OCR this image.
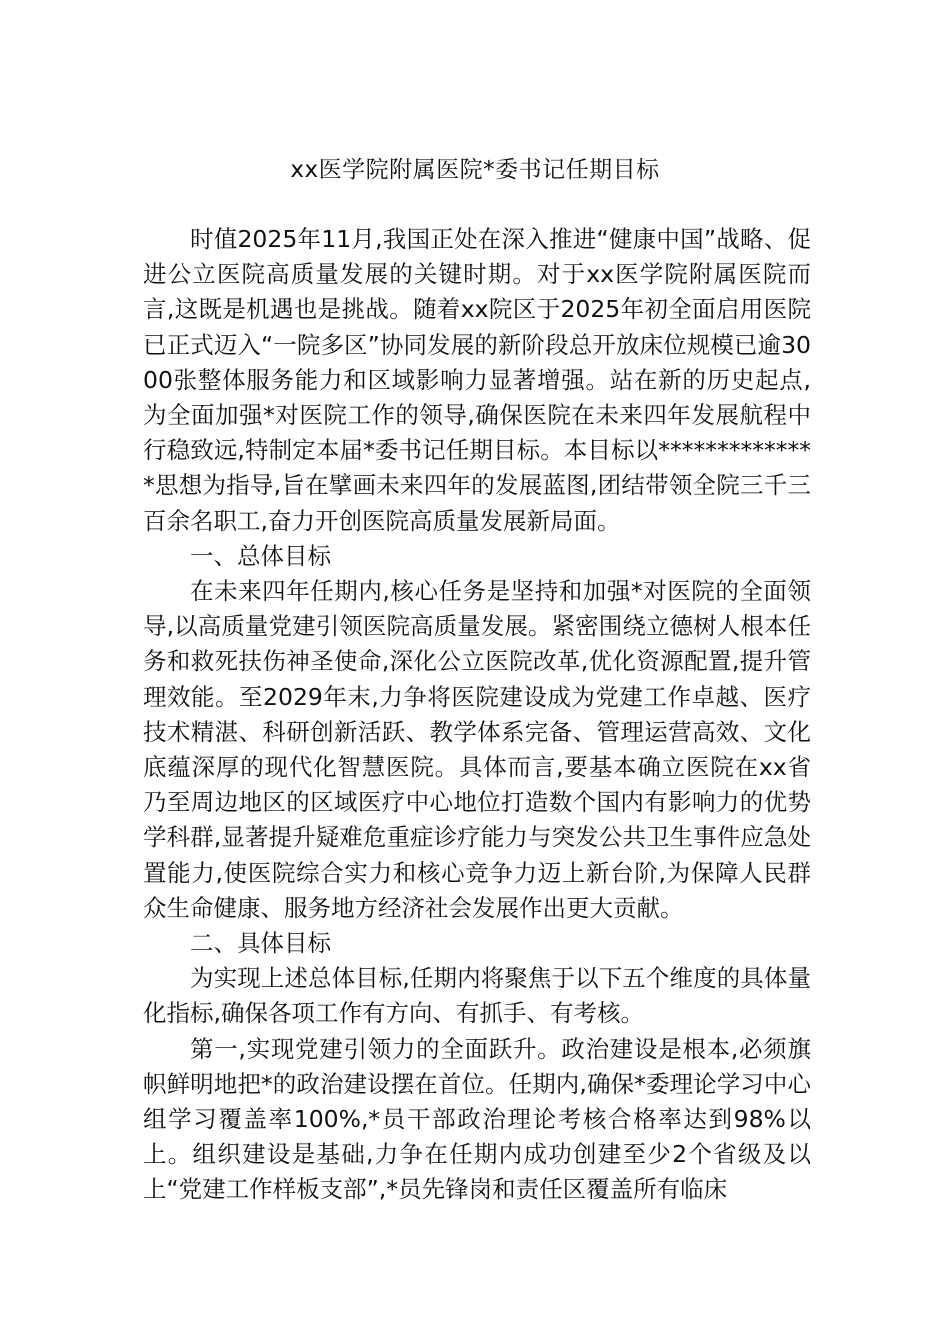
xx医学院附属医院*委书记任期目标

时值2025年11月,我国正处在深入推进“健康中国”战略、促进公立医院高质量发展的关键时期。对于xx医学院附属医院而言,这既是机遇也是挑战。随着xx院区于2025年初全面启用医院已正式迈入“一院多区”协同发展的新阶段总开放床位规模已逾3000张整体服务能力和区域影响力显著增强。站在新的历史起点,为全面加强*对医院工作的领导,确保医院在未来四年发展航程中行稳致远,特制定本届*委书记任期目标。本目标以**************思想为指导,旨在擘画未来四年的发展蓝图,团结带领全院三千三百余名职工,奋力开创医院高质量发展新局面。

一、总体目标

在未来四年任期内,核心任务是坚持和加强*对医院的全面领导,以高质量党建引领医院高质量发展。紧密围绕立德树人根本任务和救死扶伤神圣使命,深化公立医院改革,优化资源配置,提升管理效能。至2029年末,力争将医院建设成为党建工作卓越、医疗技术精湛、科研创新活跃、教学体系完备、管理运营高效、文化底蕴深厚的现代化智慧医院。具体而言,要基本确立医院在xx省乃至周边地区的区域医疗中心地位打造数个国内有影响力的优势学科群,显著提升疑难危重症诊疗能力与突发公共卫生事件应急处置能力,使医院综合实力和核心竞争力迈上新台阶,为保障人民群众生命健康、服务地方经济社会发展作出更大贡献。

二、具体目标

为实现上述总体目标,任期内将聚焦于以下五个维度的具体量化指标,确保各项工作有方向、有抓手、有考核。

第一,实现党建引领力的全面跃升。政治建设是根本,必须旗帜鲜明地把*的政治建设摆在首位。任期内,确保*委理论学习中心组学习覆盖率100%,*员干部政治理论考核合格率达到98%以上。组织建设是基础,力争在任期内成功创建至少2个省级及以上“党建工作样板支部”,*员先锋岗和责任区覆盖所有临床
